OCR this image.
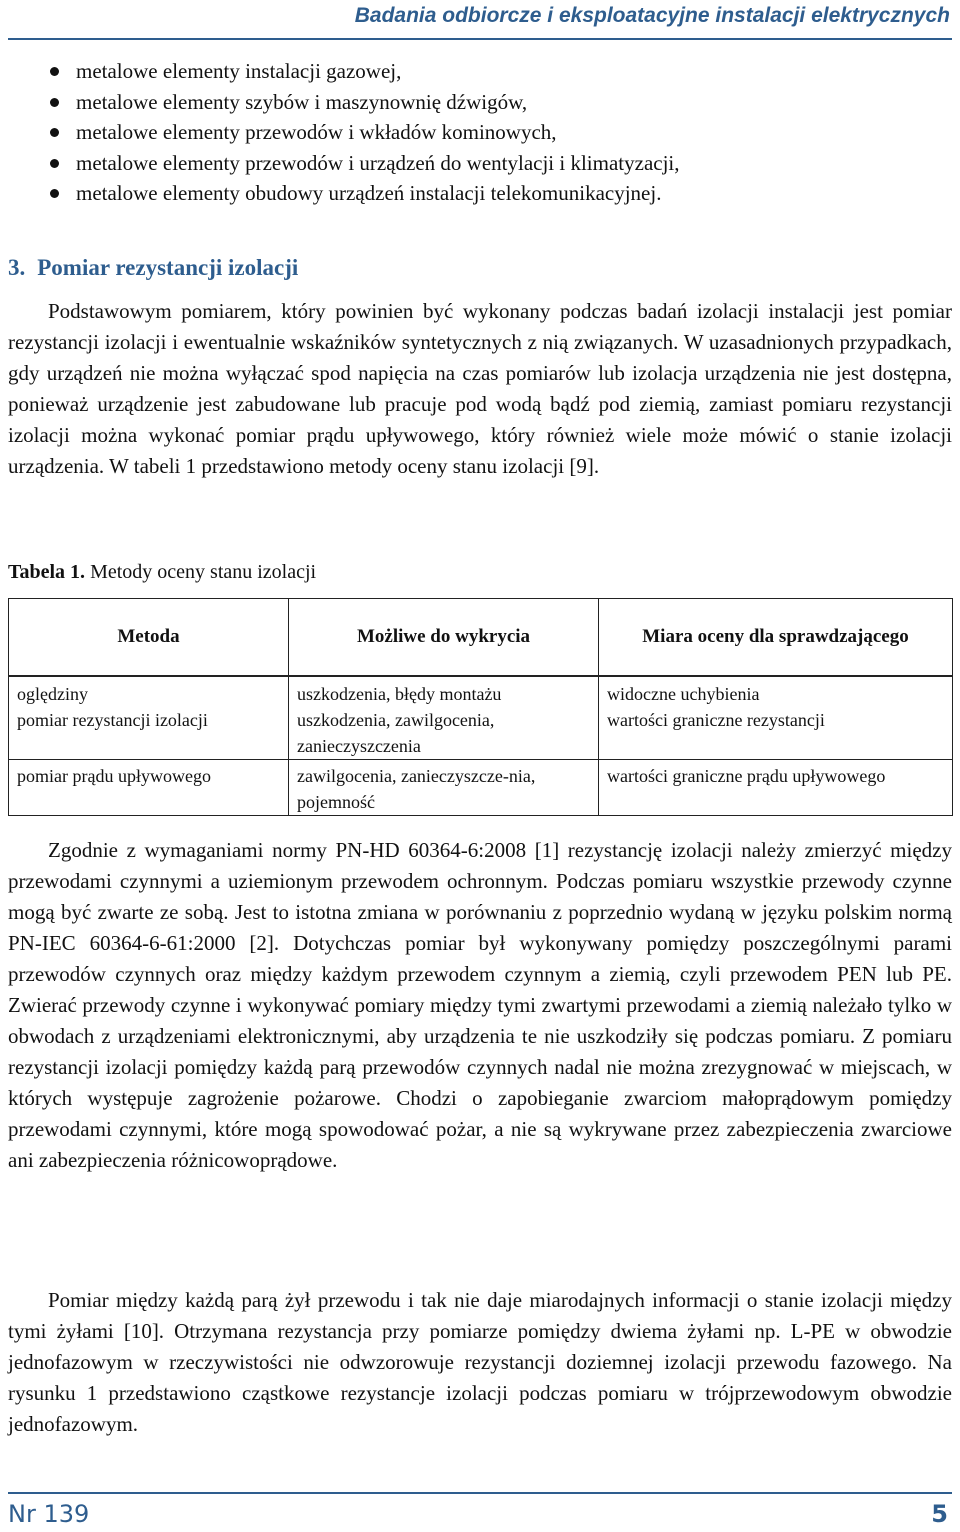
Badania odbiorcze i eksploatacyjne instalacji elektrycznych
metalowe elementy instalacji gazowej,
metalowe elementy szybów i maszynownię dźwigów,
metalowe elementy przewodów i wkładów kominowych,
metalowe elementy przewodów i urządzeń do wentylacji i klimatyzacji,
metalowe elementy obudowy urządzeń instalacji telekomunikacyjnej.
3. Pomiar rezystancji izolacji

Podstawowym pomiarem, który powinien być wykonany podczas badań izolacji instalacji jest pomiar rezystancji izolacji i ewentualnie wskaźników syntetycznych z nią związanych. W uzasadnionych przypadkach, gdy urządzeń nie można wyłączać spod napięcia na czas pomiarów lub izolacja urządzenia nie jest dostępna, ponieważ urządzenie jest zabudowane lub pracuje pod wodą bądź pod ziemią, zamiast pomiaru rezystancji izolacji można wykonać pomiar prądu upływowego, który również wiele może mówić o stanie izolacji urządzenia. W tabeli 1 przedstawiono metody oceny stanu izolacji [9].

Tabela 1. Metody oceny stanu izolacji
Metoda	Możliwe do wykrycia	Miara oceny dla sprawdzającego
oględziny	uszkodzenia, błędy montażu	widoczne uchybienia
pomiar rezystancji izolacji	uszkodzenia, zawilgocenia, zanieczyszczenia	wartości graniczne rezystancji
pomiar prądu upływowego	zawilgocenia, zanieczyszcze-nia, pojemność	wartości graniczne prądu upływowego

Zgodnie z wymaganiami normy PN-HD 60364-6:2008 [1] rezystancję izolacji należy zmierzyć między przewodami czynnymi a uziemionym przewodem ochronnym. Podczas pomiaru wszystkie przewody czynne mogą być zwarte ze sobą. Jest to istotna zmiana w porównaniu z poprzednio wydaną w języku polskim normą PN-IEC 60364-6-61:2000 [2]. Dotychczas pomiar był wykonywany pomiędzy poszczególnymi parami przewodów czynnych oraz między każdym przewodem czynnym a ziemią, czyli przewodem PEN lub PE. Zwierać przewody czynne i wykonywać pomiary między tymi zwartymi przewodami a ziemią należało tylko w obwodach z urządzeniami elektronicznymi, aby urządzenia te nie uszkodziły się podczas pomiaru. Z pomiaru rezystancji izolacji pomiędzy każdą parą przewodów czynnych nadal nie można zrezygnować w miejscach, w których występuje zagrożenie pożarowe. Chodzi o zapobieganie zwarciom małoprądowym pomiędzy przewodami czynnymi, które mogą spowodować pożar, a nie są wykrywane przez zabezpieczenia zwarciowe ani zabezpieczenia różnicowoprądowe.

Pomiar między każdą parą żył przewodu i tak nie daje miarodajnych informacji o stanie izolacji między tymi żyłami [10]. Otrzymana rezystancja przy pomiarze pomiędzy dwiema żyłami np. L-PE w obwodzie jednofazowym w rzeczywistości nie odwzorowuje rezystancji doziemnej izolacji przewodu fazowego. Na rysunku 1 przedstawiono cząstkowe rezystancje izolacji podczas pomiaru w trójprzewodowym obwodzie jednofazowym.

Nr 139	5
